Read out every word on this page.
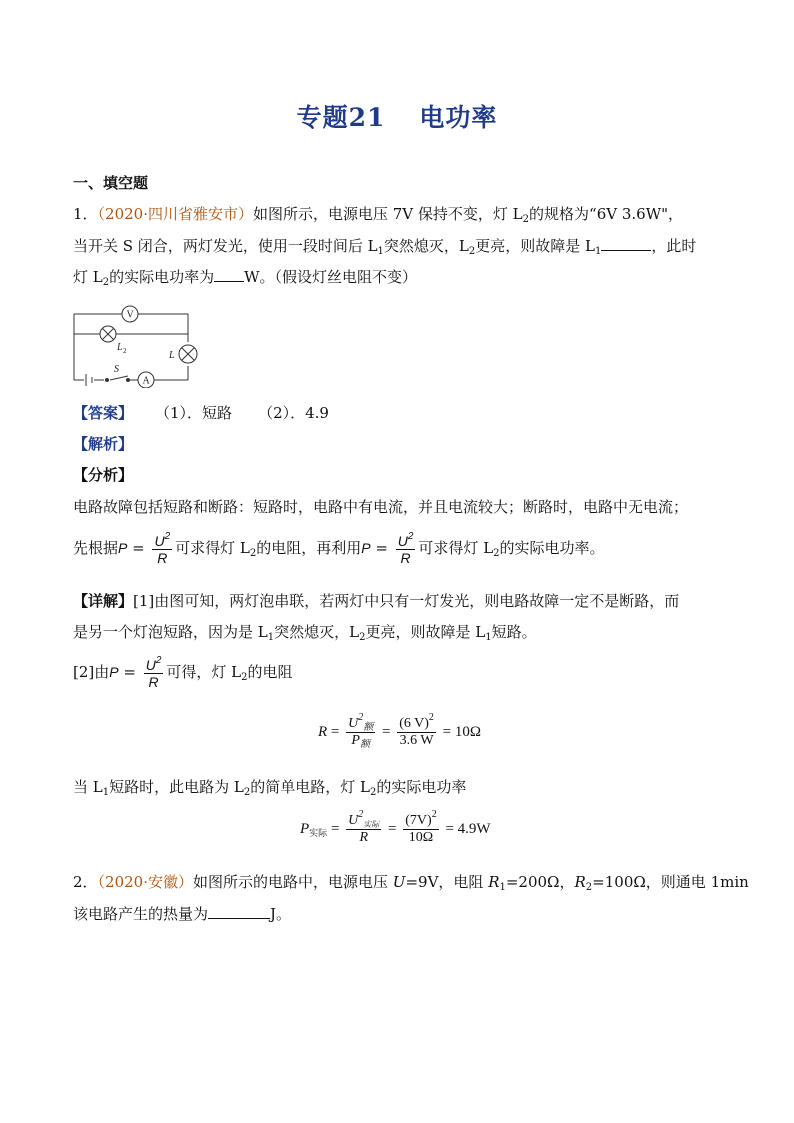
专题21 电功率
一、填空题
1．（2020·四川省雅安市）如图所示，电源电压 7V 保持不变，灯 $L_2$的规格为“6V 3.6W"，
当开关 S 闭合，两灯发光，使用一段时间后 $L_1$突然熄灭，$L_2$更亮，则故障是 $L_1$	，此时
灯 $L_2$的实际电功率为 W。（假设灯丝电阻不变）
V
A
S
L 2	L
【答案】 （1）．短路 （2）．4.9
【解析】
【分析】
电路故障包括短路和断路：短路时，电路中有电流，并且电流较大；断路时，电路中无电流；
先根据$P = \frac{U^2}{R}$ 可求得灯 $L_2$的电阻，再利用$P = \frac{U^2}{R}$ 可求得灯 $L_2$的实际电功率。
【详解】[1]由图可知，两灯泡串联，若两灯中只有一灯发光，则电路故障一定不是断路，而
是另一个灯泡短路，因为是 $L_1$突然熄灭，$L_2$更亮，则故障是 $L_1$短路。
[2]由$P = \frac{U^2}{R}$ 可得，灯 $L_2$的电阻
$R = \frac{U^2_额}{P_额} = \frac{(6 V)^2}{3.6 W} = 10\Omega$
当 $L_1$短路时，此电路为 $L_2$的简单电路，灯 $L_2$的实际电功率
$P_{实际} = \frac{U^2_{实际}}{R} = \frac{(7V)^2}{10\Omega} = 4.9W$
2．（2020·安徽）如图所示的电路中，电源电压 U=9V，电阻 $R_1=200\Omega$，$R_2=100\Omega$，则通电 1min
该电路产生的热量为	J。
